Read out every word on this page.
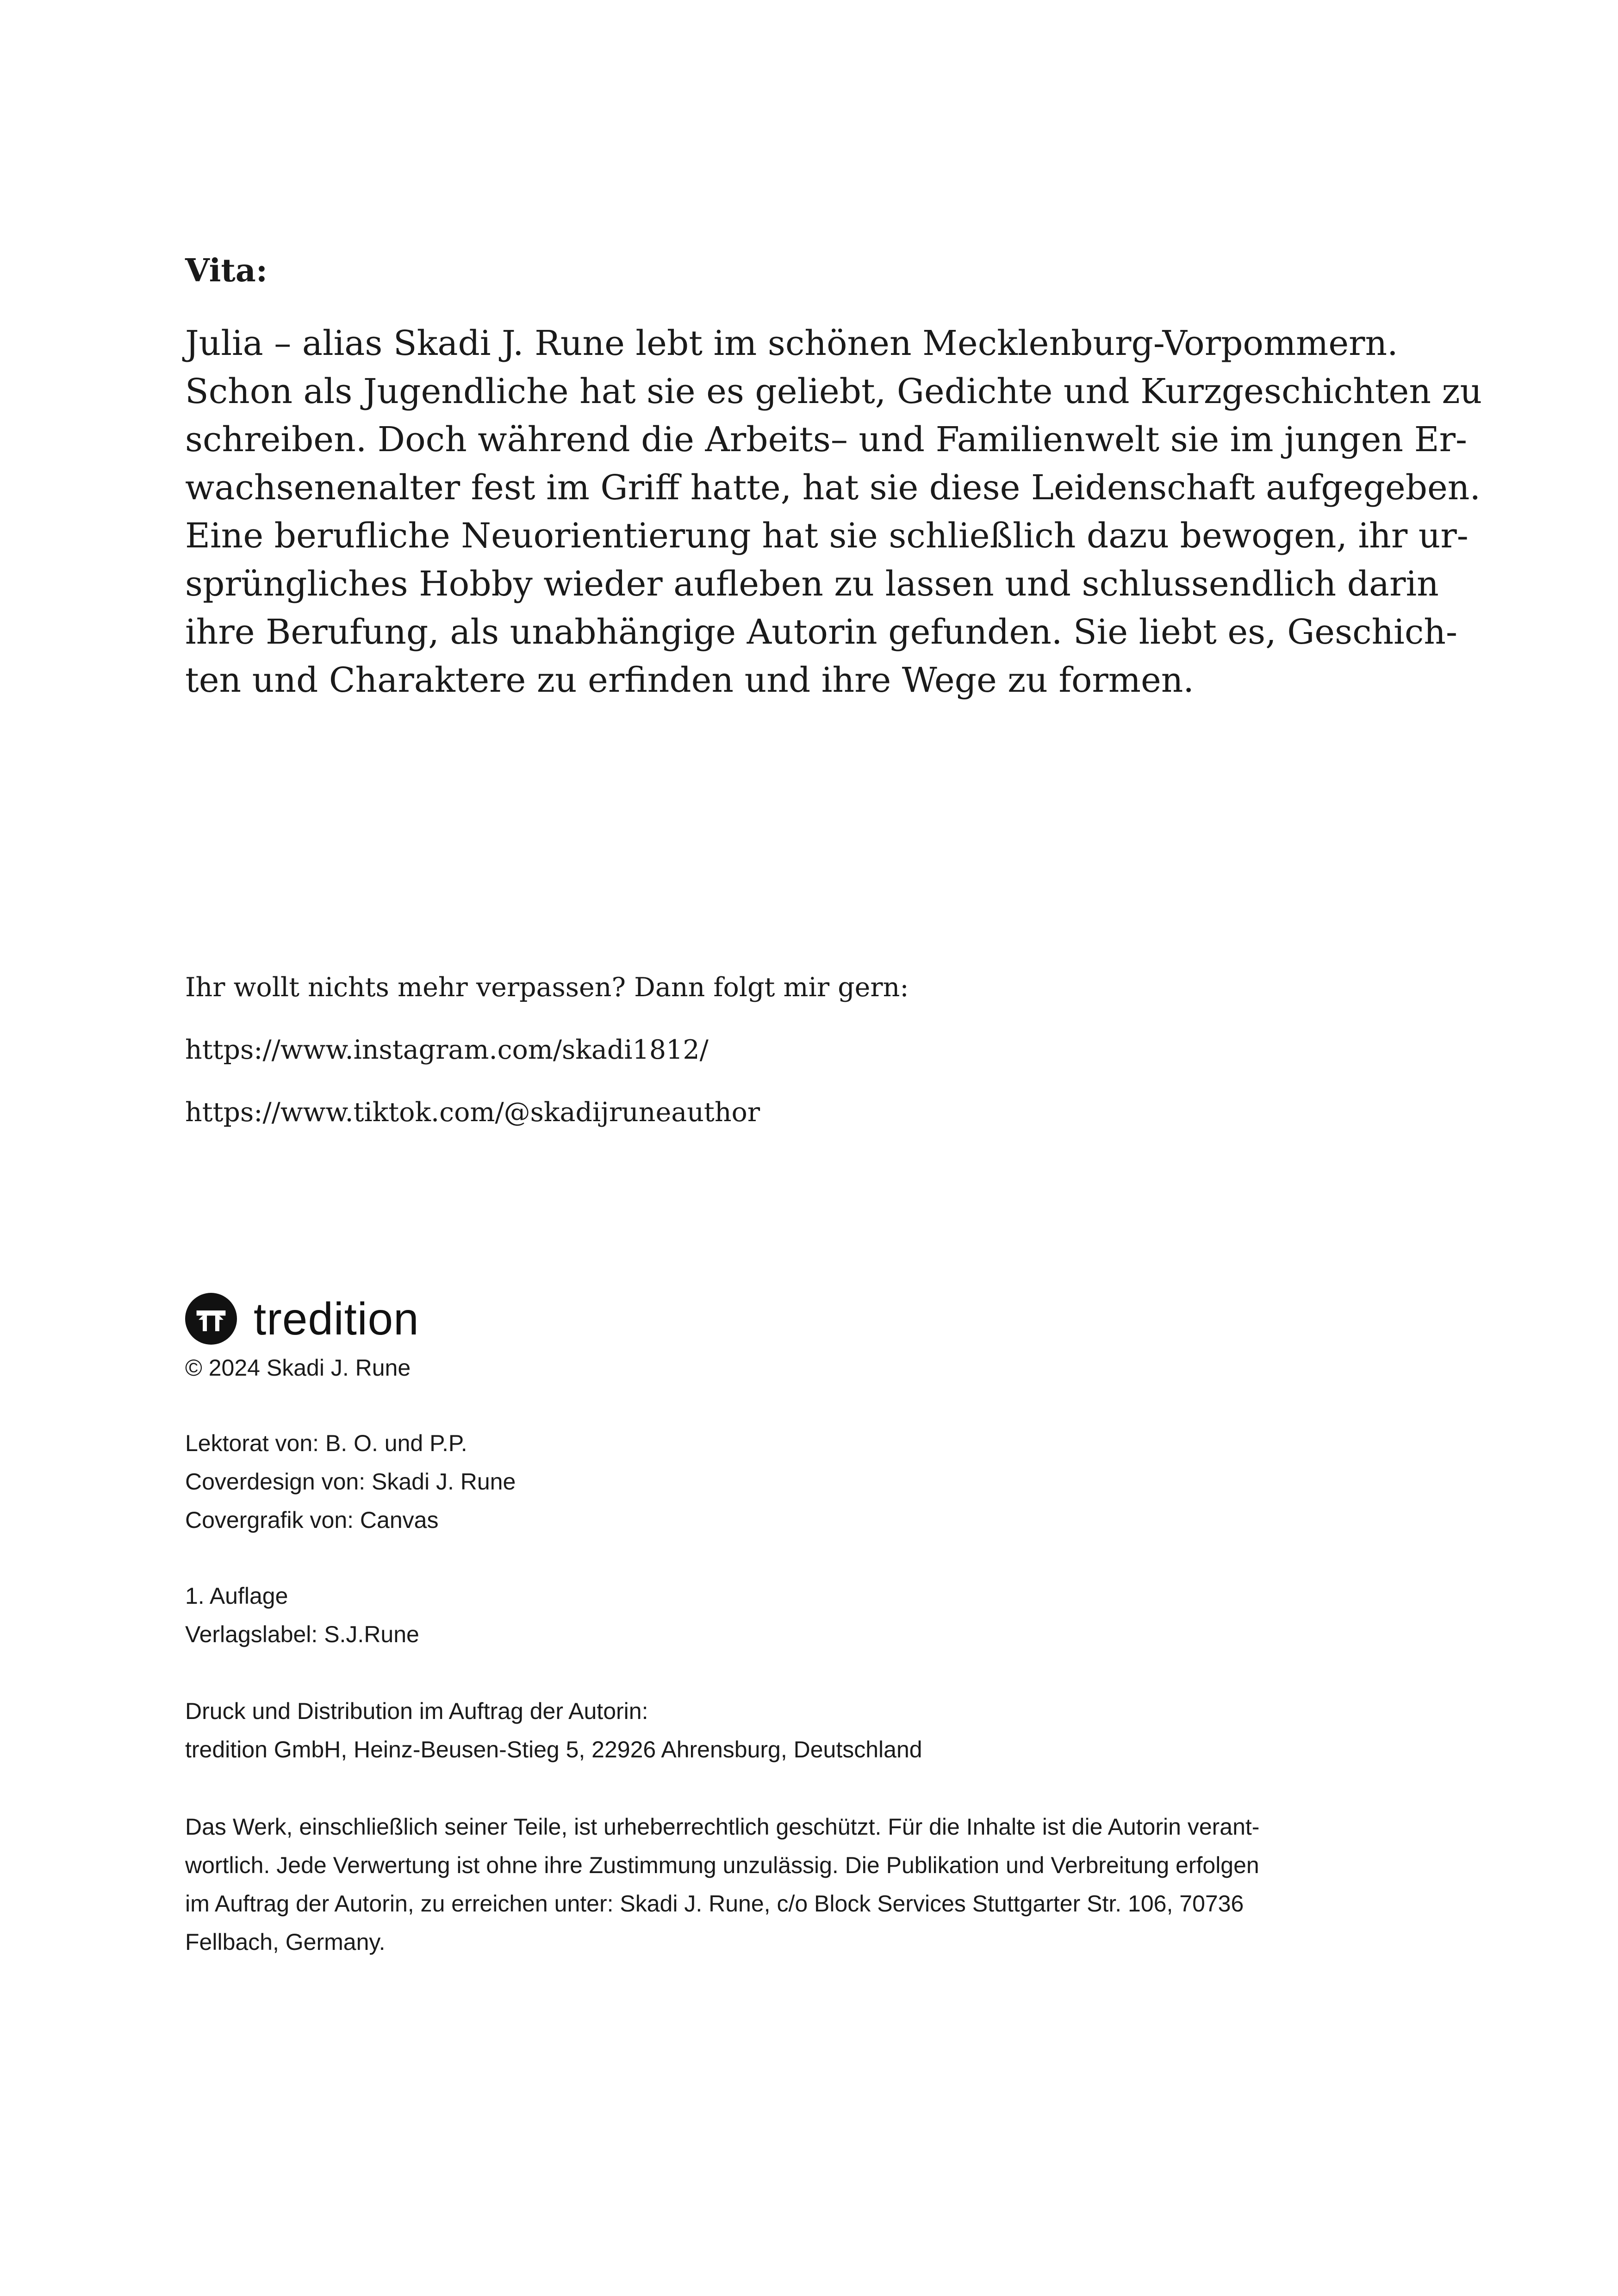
Vita:

Julia – alias Skadi J. Rune lebt im schönen Mecklenburg-Vorpommern.
Schon als Jugendliche hat sie es geliebt, Gedichte und Kurzgeschichten zu
schreiben. Doch während die Arbeits– und Familienwelt sie im jungen Er-
wachsenenalter fest im Griff hatte, hat sie diese Leidenschaft aufgegeben.
Eine berufliche Neuorientierung hat sie schließlich dazu bewogen, ihr ur-
sprüngliches Hobby wieder aufleben zu lassen und schlussendlich darin
ihre Berufung, als unabhängige Autorin gefunden. Sie liebt es, Geschich-
ten und Charaktere zu erfinden und ihre Wege zu formen.

Ihr wollt nichts mehr verpassen? Dann folgt mir gern:
https://www.instagram.com/skadi1812/
https://www.tiktok.com/@skadijruneauthor
tredition
© 2024 Skadi J. Rune
Lektorat von: B. O. und P.P.
Coverdesign von: Skadi J. Rune
Covergrafik von: Canvas
1. Auflage
Verlagslabel: S.J.Rune
Druck und Distribution im Auftrag der Autorin:
tredition GmbH, Heinz-Beusen-Stieg 5, 22926 Ahrensburg, Deutschland
Das Werk, einschließlich seiner Teile, ist urheberrechtlich geschützt. Für die Inhalte ist die Autorin verant-
wortlich. Jede Verwertung ist ohne ihre Zustimmung unzulässig. Die Publikation und Verbreitung erfolgen
im Auftrag der Autorin, zu erreichen unter: Skadi J. Rune, c/o Block Services Stuttgarter Str. 106, 70736
Fellbach, Germany.
